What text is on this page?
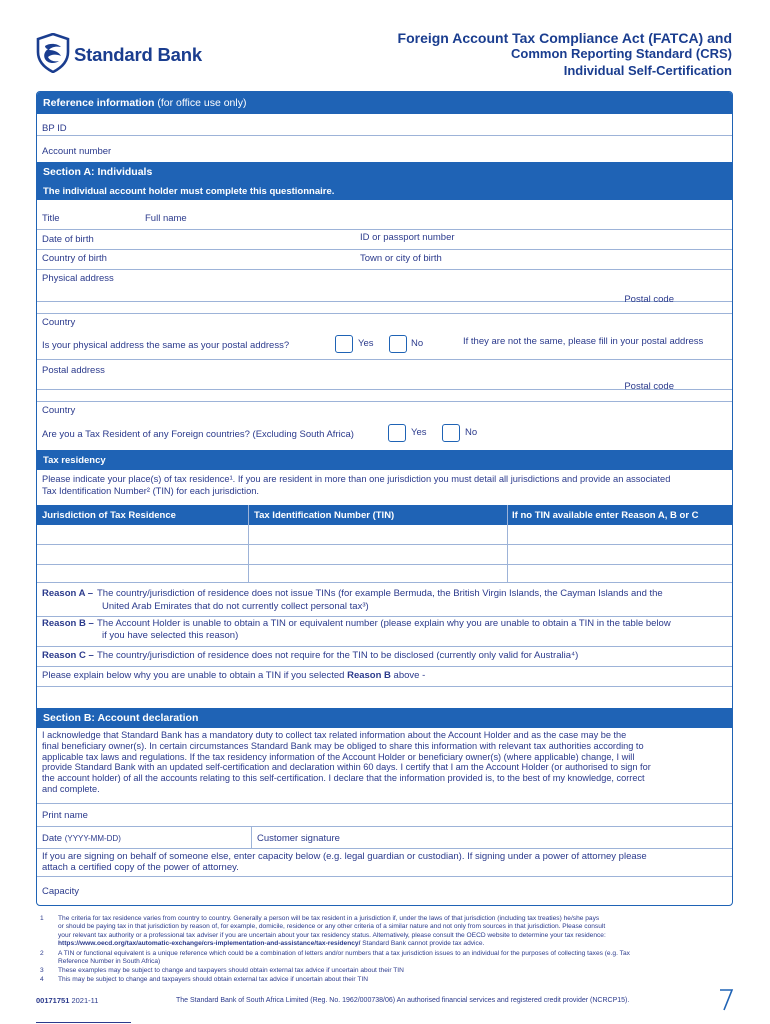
Standard Bank
Foreign Account Tax Compliance Act (FATCA) and
Common Reporting Standard (CRS)
Individual Self-Certification
Reference information
(for office use only)
BP ID
Account number
Section A: Individuals
The individual account holder must complete this questionnaire.
Title	Full name
Date of birth	ID or passport number
Country of birth	Town or city of birth
Physical address
Postal code
Country
Is your physical address the same as your postal address?	Yes	No	If they are not the same, please fill in your postal address
Postal address
Postal code
Country
Are you a Tax Resident of any Foreign countries? (Excluding South Africa)	Yes	No
Tax residency
Please indicate your place(s) of tax residence¹. If you are resident in more than one jurisdiction you must detail all jurisdictions and provide an associated
Tax Identification Number² (TIN) for each jurisdiction.
Jurisdiction of Tax Residence	Tax Identification Number (TIN)	If no TIN available enter Reason A, B or C
Reason A – The country/jurisdiction of residence does not issue TINs (for example Bermuda, the British Virgin Islands, the Cayman Islands and the
United Arab Emirates that do not currently collect personal tax³)
Reason B – The Account Holder is unable to obtain a TIN or equivalent number (please explain why you are unable to obtain a TIN in the table below
if you have selected this reason)
Reason C – The country/jurisdiction of residence does not require for the TIN to be disclosed (currently only valid for Australia⁴)
Please explain below why you are unable to obtain a TIN if you selected Reason B above -
Section B: Account declaration
I acknowledge that Standard Bank has a mandatory duty to collect tax related information about the Account Holder and as the case may be the
final beneficiary owner(s). In certain circumstances Standard Bank may be obliged to share this information with relevant tax authorities according to
applicable tax laws and regulations. If the tax residency information of the Account Holder or beneficiary owner(s) (where applicable) change, I will
provide Standard Bank with an updated self-certification and declaration within 60 days. I certify that I am the Account Holder (or authorised to sign for
the account holder) of all the accounts relating to this self-certification. I declare that the information provided is, to the best of my knowledge, correct
and complete.
Print name
Date (YYYY-MM-DD)	Customer signature
If you are signing on behalf of someone else, enter capacity below (e.g. legal guardian or custodian). If signing under a power of attorney please
attach a certified copy of the power of attorney.
Capacity
1 The criteria for tax residence varies from country to country. Generally a person will be tax resident in a jurisdiction if, under the laws of that jurisdiction (including tax treaties) he/she pays
or should be paying tax in that jurisdiction by reason of, for example, domicile, residence or any other criteria of a similar nature and not only from sources in that jurisdiction. Please consult
your relevant tax authority or a professional tax adviser if you are uncertain about your tax residency status. Alternatively, please consult the OECD website to determine your tax residence:
https://www.oecd.org/tax/automatic-exchange/crs-implementation-and-assistance/tax-residency/ Standard Bank cannot provide tax advice.
2 A TIN or functional equivalent is a unique reference which could be a combination of letters and/or numbers that a tax jurisdiction issues to an individual for the purposes of collecting taxes (e.g. Tax
Reference Number in South Africa)
3 These examples may be subject to change and taxpayers should obtain external tax advice if uncertain about their TIN
4 This may be subject to change and taxpayers should obtain external tax advice if uncertain about their TIN
00171751 2021-11	The Standard Bank of South Africa Limited (Reg. No. 1962/000738/06) An authorised financial services and registered credit provider (NCRCP15).
